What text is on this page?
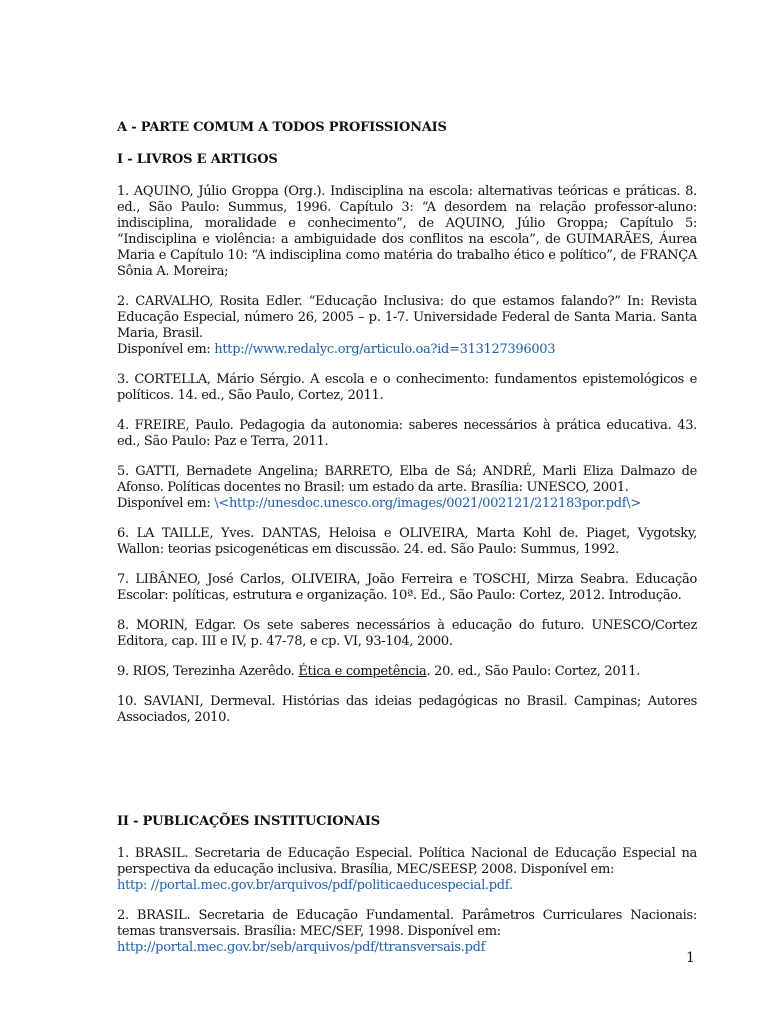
A - PARTE COMUM A TODOS PROFISSIONAIS
I - LIVROS E ARTIGOS

1. AQUINO, Júlio Groppa (Org.). Indisciplina na escola: alternativas teóricas e práticas. 8. ed., São Paulo: Summus, 1996. Capítulo 3: “A desordem na relação professor-aluno: indisciplina, moralidade e conhecimento”, de AQUINO, Júlio Groppa; Capítulo 5: “Indisciplina e violência: a ambiguidade dos conflitos na escola”, de GUIMARÃES, Áurea Maria e Capítulo 10: “A indisciplina como matéria do trabalho ético e político”, de FRANÇA Sônia A. Moreira;

2. CARVALHO, Rosita Edler. “Educação Inclusiva: do que estamos falando?” In: Revista Educação Especial, número 26, 2005 – p. 1-7. Universidade Federal de Santa Maria. Santa Maria, Brasil.
Disponível em: http://www.redalyc.org/articulo.oa?id=313127396003

3. CORTELLA, Mário Sérgio. A escola e o conhecimento: fundamentos epistemológicos e políticos. 14. ed., São Paulo, Cortez, 2011.

4. FREIRE, Paulo. Pedagogia da autonomia: saberes necessários à prática educativa. 43. ed., São Paulo: Paz e Terra, 2011.

5. GATTI, Bernadete Angelina; BARRETO, Elba de Sá; ANDRÉ, Marli Eliza Dalmazo de Afonso. Políticas docentes no Brasil: um estado da arte. Brasília: UNESCO, 2001.
Disponível em: \<http://unesdoc.unesco.org/images/0021/002121/212183por.pdf\>

6. LA TAILLE, Yves. DANTAS, Heloisa e OLIVEIRA, Marta Kohl de. Piaget, Vygotsky, Wallon: teorias psicogenéticas em discussão. 24. ed. São Paulo: Summus, 1992.

7. LIBÂNEO, José Carlos, OLIVEIRA, João Ferreira e TOSCHI, Mirza Seabra. Educação Escolar: políticas, estrutura e organização. 10ª. Ed., São Paulo: Cortez, 2012. Introdução.

8. MORIN, Edgar. Os sete saberes necessários à educação do futuro. UNESCO/Cortez Editora, cap. III e IV, p. 47-78, e cp. VI, 93-104, 2000.

9. RIOS, Terezinha Azerêdo. Ética e competência. 20. ed., São Paulo: Cortez, 2011.

10. SAVIANI, Dermeval. Histórias das ideias pedagógicas no Brasil. Campinas; Autores Associados, 2010.

II - PUBLICAÇÕES INSTITUCIONAIS

1. BRASIL. Secretaria de Educação Especial. Política Nacional de Educação Especial na perspectiva da educação inclusiva. Brasília, MEC/SEESP, 2008. Disponível em:
http: //portal.mec.gov.br/arquivos/pdf/politicaeducespecial.pdf.

2. BRASIL. Secretaria de Educação Fundamental. Parâmetros Curriculares Nacionais: temas transversais. Brasília: MEC/SEF, 1998. Disponível em:
http://portal.mec.gov.br/seb/arquivos/pdf/ttransversais.pdf

1
